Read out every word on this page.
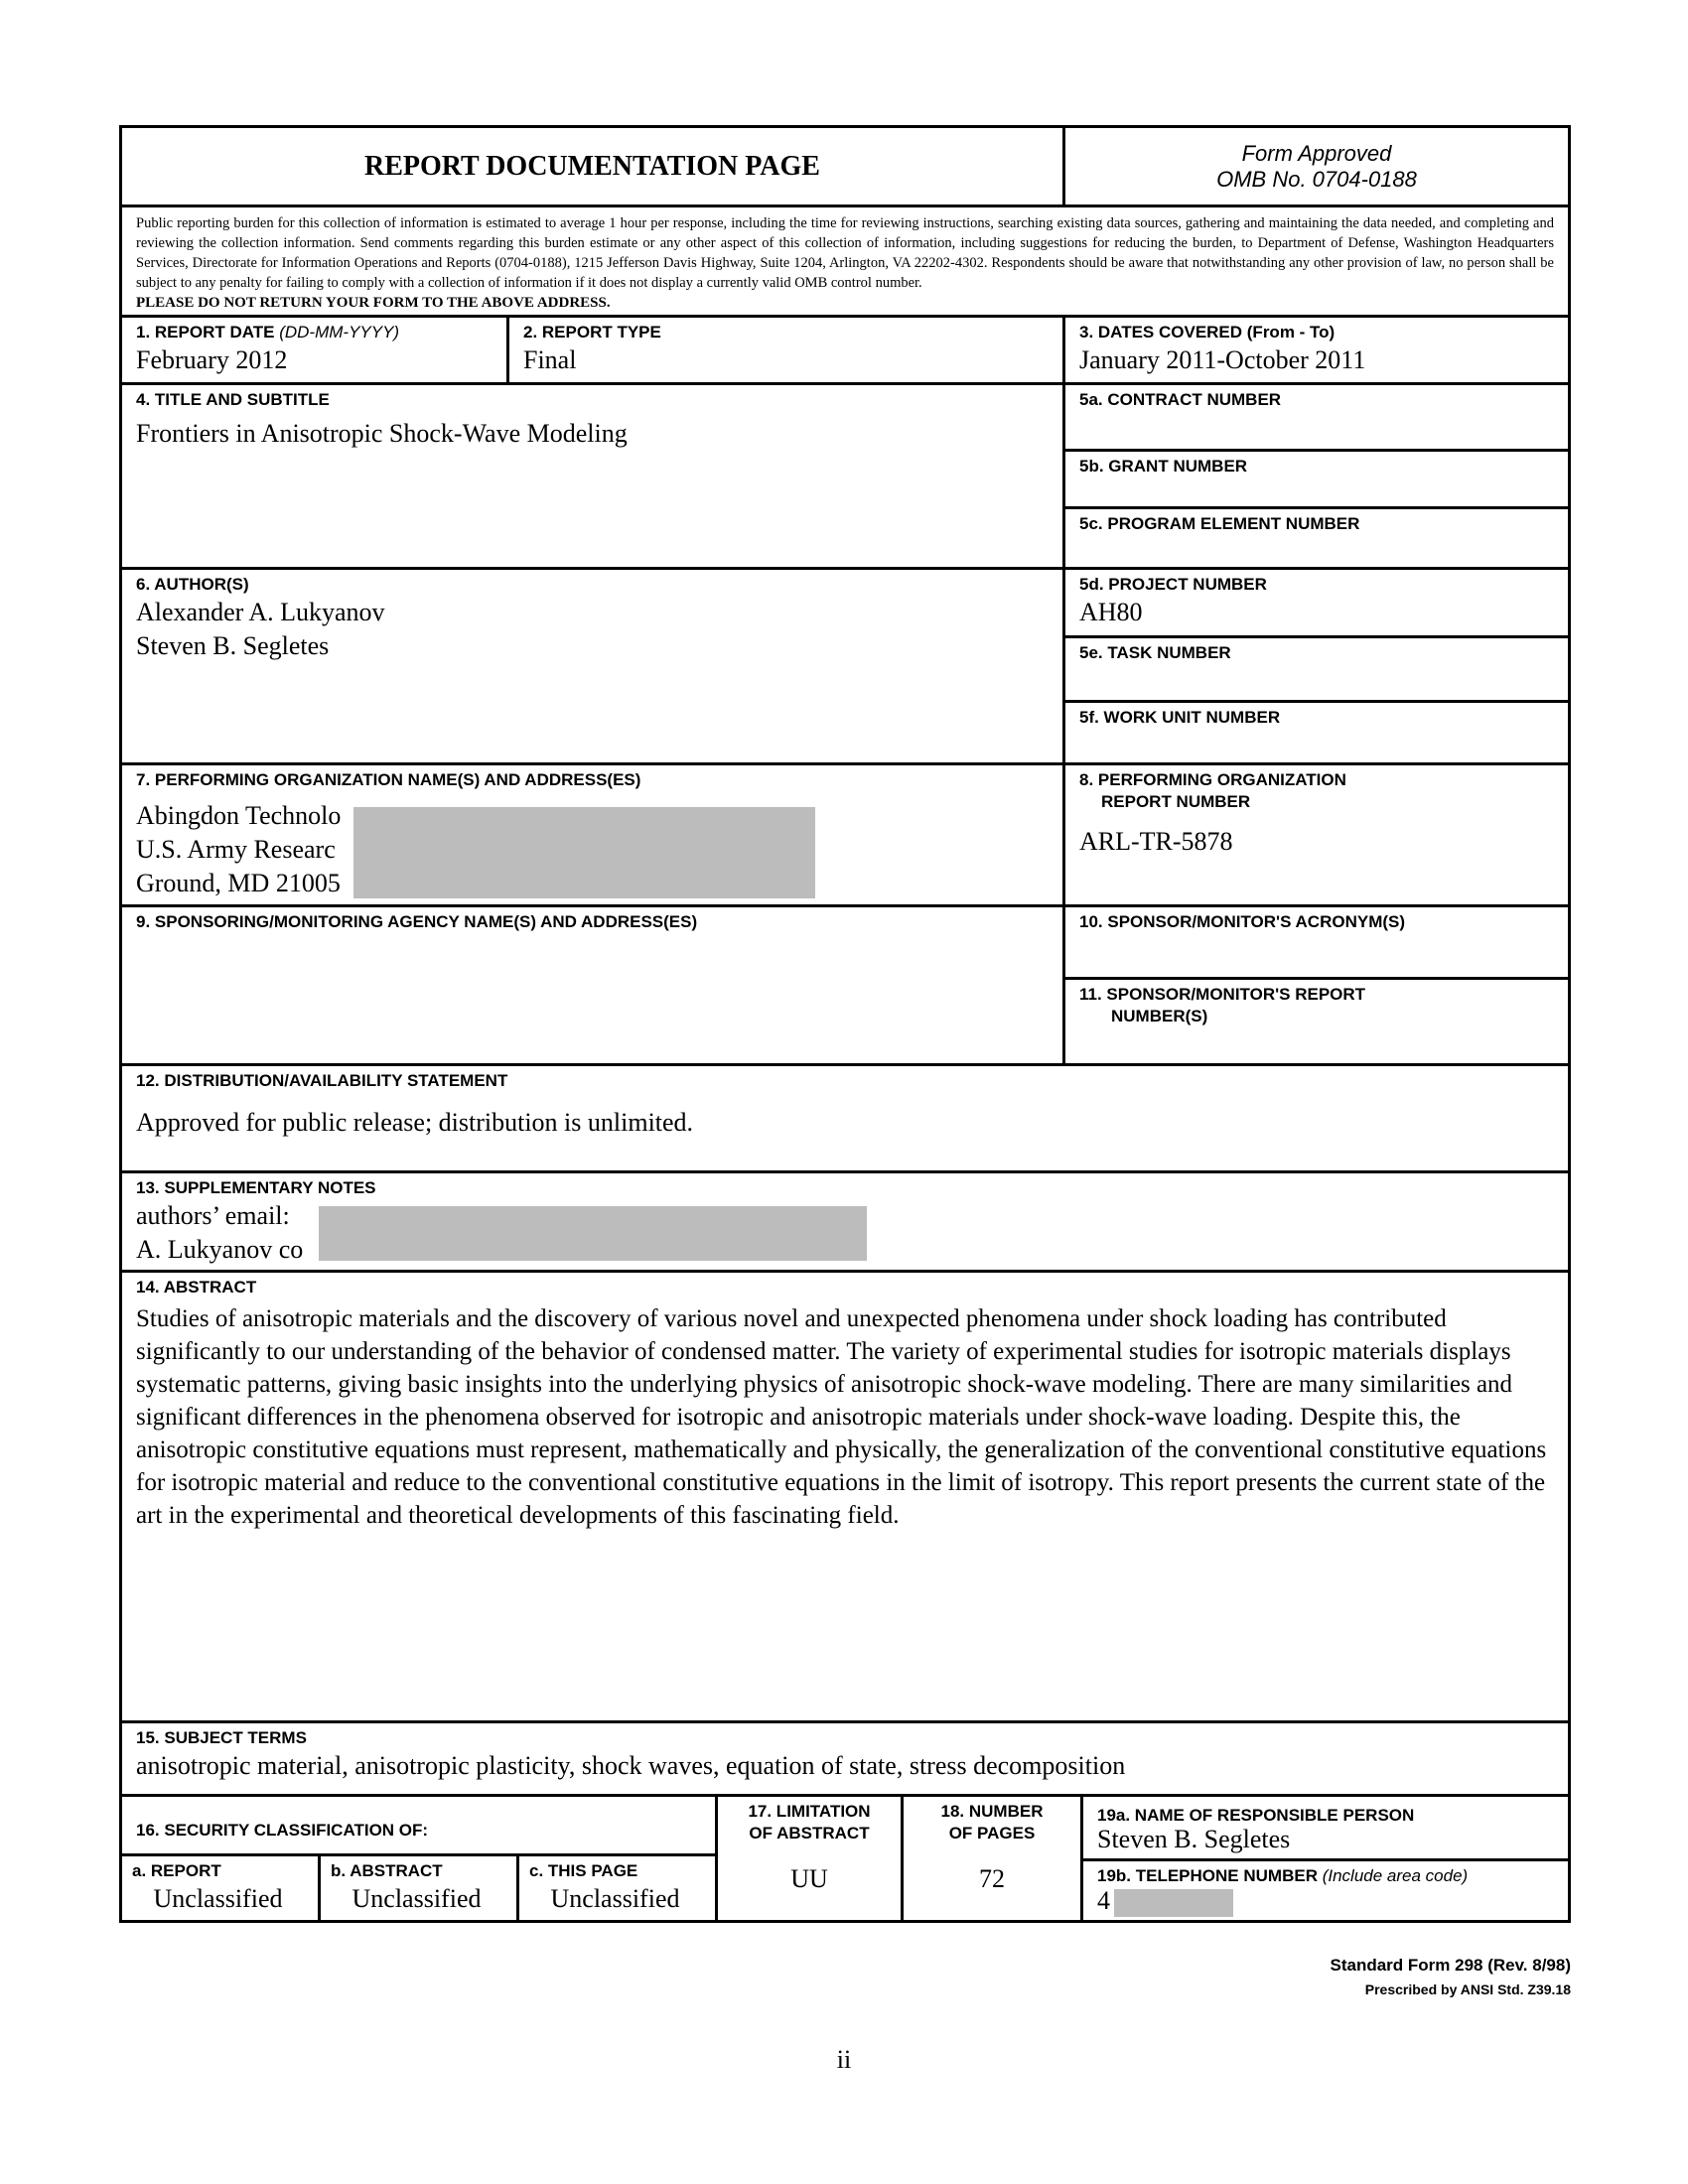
REPORT DOCUMENTATION PAGE	Form Approved
OMB No. 0704-0188
Public reporting burden for this collection of information is estimated to average 1 hour per response, including the time for reviewing instructions, searching existing data sources, gathering and maintaining the data needed, and completing and reviewing the collection information. Send comments regarding this burden estimate or any other aspect of this collection of information, including suggestions for reducing the burden, to Department of Defense, Washington Headquarters Services, Directorate for Information Operations and Reports (0704-0188), 1215 Jefferson Davis Highway, Suite 1204, Arlington, VA 22202-4302. Respondents should be aware that notwithstanding any other provision of law, no person shall be subject to any penalty for failing to comply with a collection of information if it does not display a currently valid OMB control number.
PLEASE DO NOT RETURN YOUR FORM TO THE ABOVE ADDRESS.
1. REPORT DATE (DD-MM-YYYY)
February 2012
2. REPORT TYPE
Final
3. DATES COVERED (From - To)
January 2011-October 2011
4. TITLE AND SUBTITLE
Frontiers in Anisotropic Shock-Wave Modeling
5a. CONTRACT NUMBER
5b. GRANT NUMBER
5c. PROGRAM ELEMENT NUMBER
6. AUTHOR(S)
Alexander A. Lukyanov
Steven B. Segletes
5d. PROJECT NUMBER
AH80
5e. TASK NUMBER
5f. WORK UNIT NUMBER
7. PERFORMING ORGANIZATION NAME(S) AND ADDRESS(ES)
Abingdon Technolo
U.S. Army Researc
Ground, MD 21005
8. PERFORMING ORGANIZATION
REPORT NUMBER
ARL-TR-5878
9. SPONSORING/MONITORING AGENCY NAME(S) AND ADDRESS(ES)	10. SPONSOR/MONITOR'S ACRONYM(S)
11. SPONSOR/MONITOR'S REPORT
NUMBER(S)
12. DISTRIBUTION/AVAILABILITY STATEMENT
Approved for public release; distribution is unlimited.
13. SUPPLEMENTARY NOTES
authors’ email:
A. Lukyanov co
14. ABSTRACT
Studies of anisotropic materials and the discovery of various novel and unexpected phenomena under shock loading has contributed significantly to our understanding of the behavior of condensed matter. The variety of experimental studies for isotropic materials displays systematic patterns, giving basic insights into the underlying physics of anisotropic shock-wave modeling. There are many similarities and significant differences in the phenomena observed for isotropic and anisotropic materials under shock-wave loading. Despite this, the anisotropic constitutive equations must represent, mathematically and physically, the generalization of the conventional constitutive equations for isotropic material and reduce to the conventional constitutive equations in the limit of isotropy. This report presents the current state of the art in the experimental and theoretical developments of this fascinating field.
15. SUBJECT TERMS
anisotropic material, anisotropic plasticity, shock waves, equation of state, stress decomposition
16. SECURITY CLASSIFICATION OF:
a. REPORT
Unclassified
b. ABSTRACT
Unclassified
c. THIS PAGE
Unclassified
17. LIMITATION
OF ABSTRACT
UU
18. NUMBER
OF PAGES
72
19a. NAME OF RESPONSIBLE PERSON
Steven B. Segletes
19b. TELEPHONE NUMBER (Include area code)
4
Standard Form 298 (Rev. 8/98)
Prescribed by ANSI Std. Z39.18
ii
